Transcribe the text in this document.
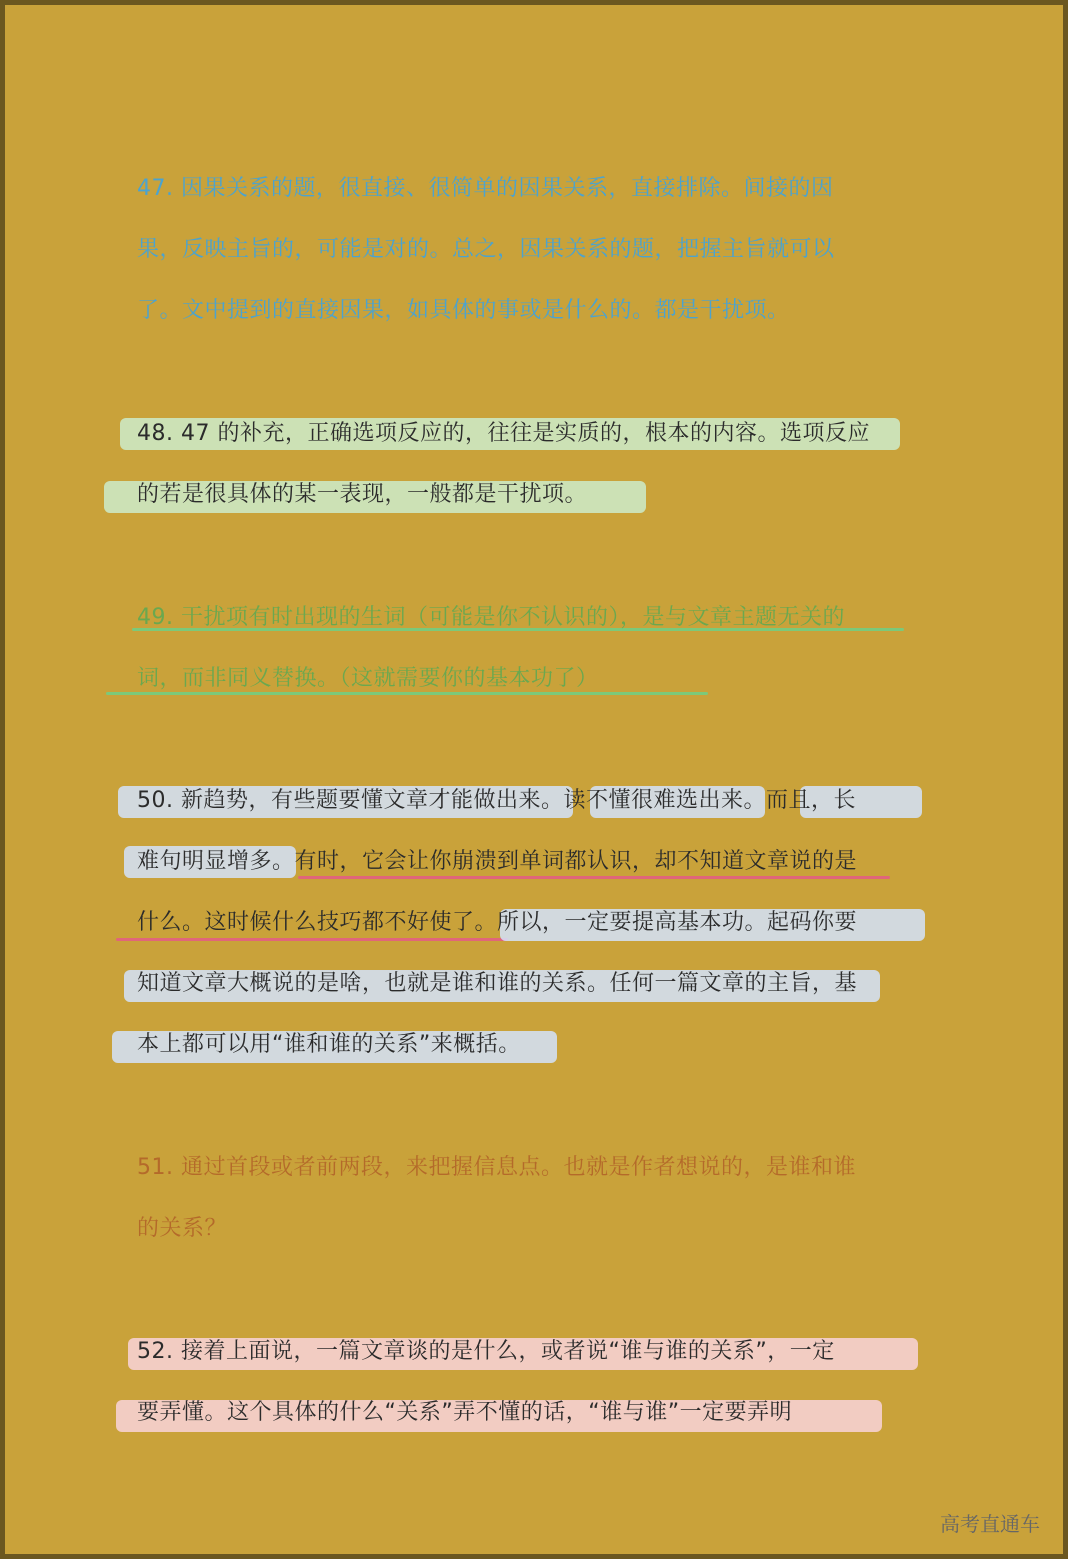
47. 因果关系的题，很直接、很简单的因果关系，直接排除。间接的因
果，反映主旨的，可能是对的。总之，因果关系的题，把握主旨就可以
了。文中提到的直接因果，如具体的事或是什么的。都是干扰项。
48. 47 的补充，正确选项反应的，往往是实质的，根本的内容。选项反应
的若是很具体的某一表现，一般都是干扰项。
49. 干扰项有时出现的生词（可能是你不认识的），是与文章主题无关的
词，而非同义替换。（这就需要你的基本功了）
50. 新趋势，有些题要懂文章才能做出来。读不懂很难选出来。而且，长
难句明显增多。有时，它会让你崩溃到单词都认识，却不知道文章说的是
什么。这时候什么技巧都不好使了。所以，一定要提高基本功。起码你要
知道文章大概说的是啥，也就是谁和谁的关系。任何一篇文章的主旨，基
本上都可以用“谁和谁的关系”来概括。
51. 通过首段或者前两段，来把握信息点。也就是作者想说的，是谁和谁
的关系？
52. 接着上面说，一篇文章谈的是什么，或者说“谁与谁的关系”，一定
要弄懂。这个具体的什么“关系”弄不懂的话，“谁与谁”一定要弄明
高考直通车
